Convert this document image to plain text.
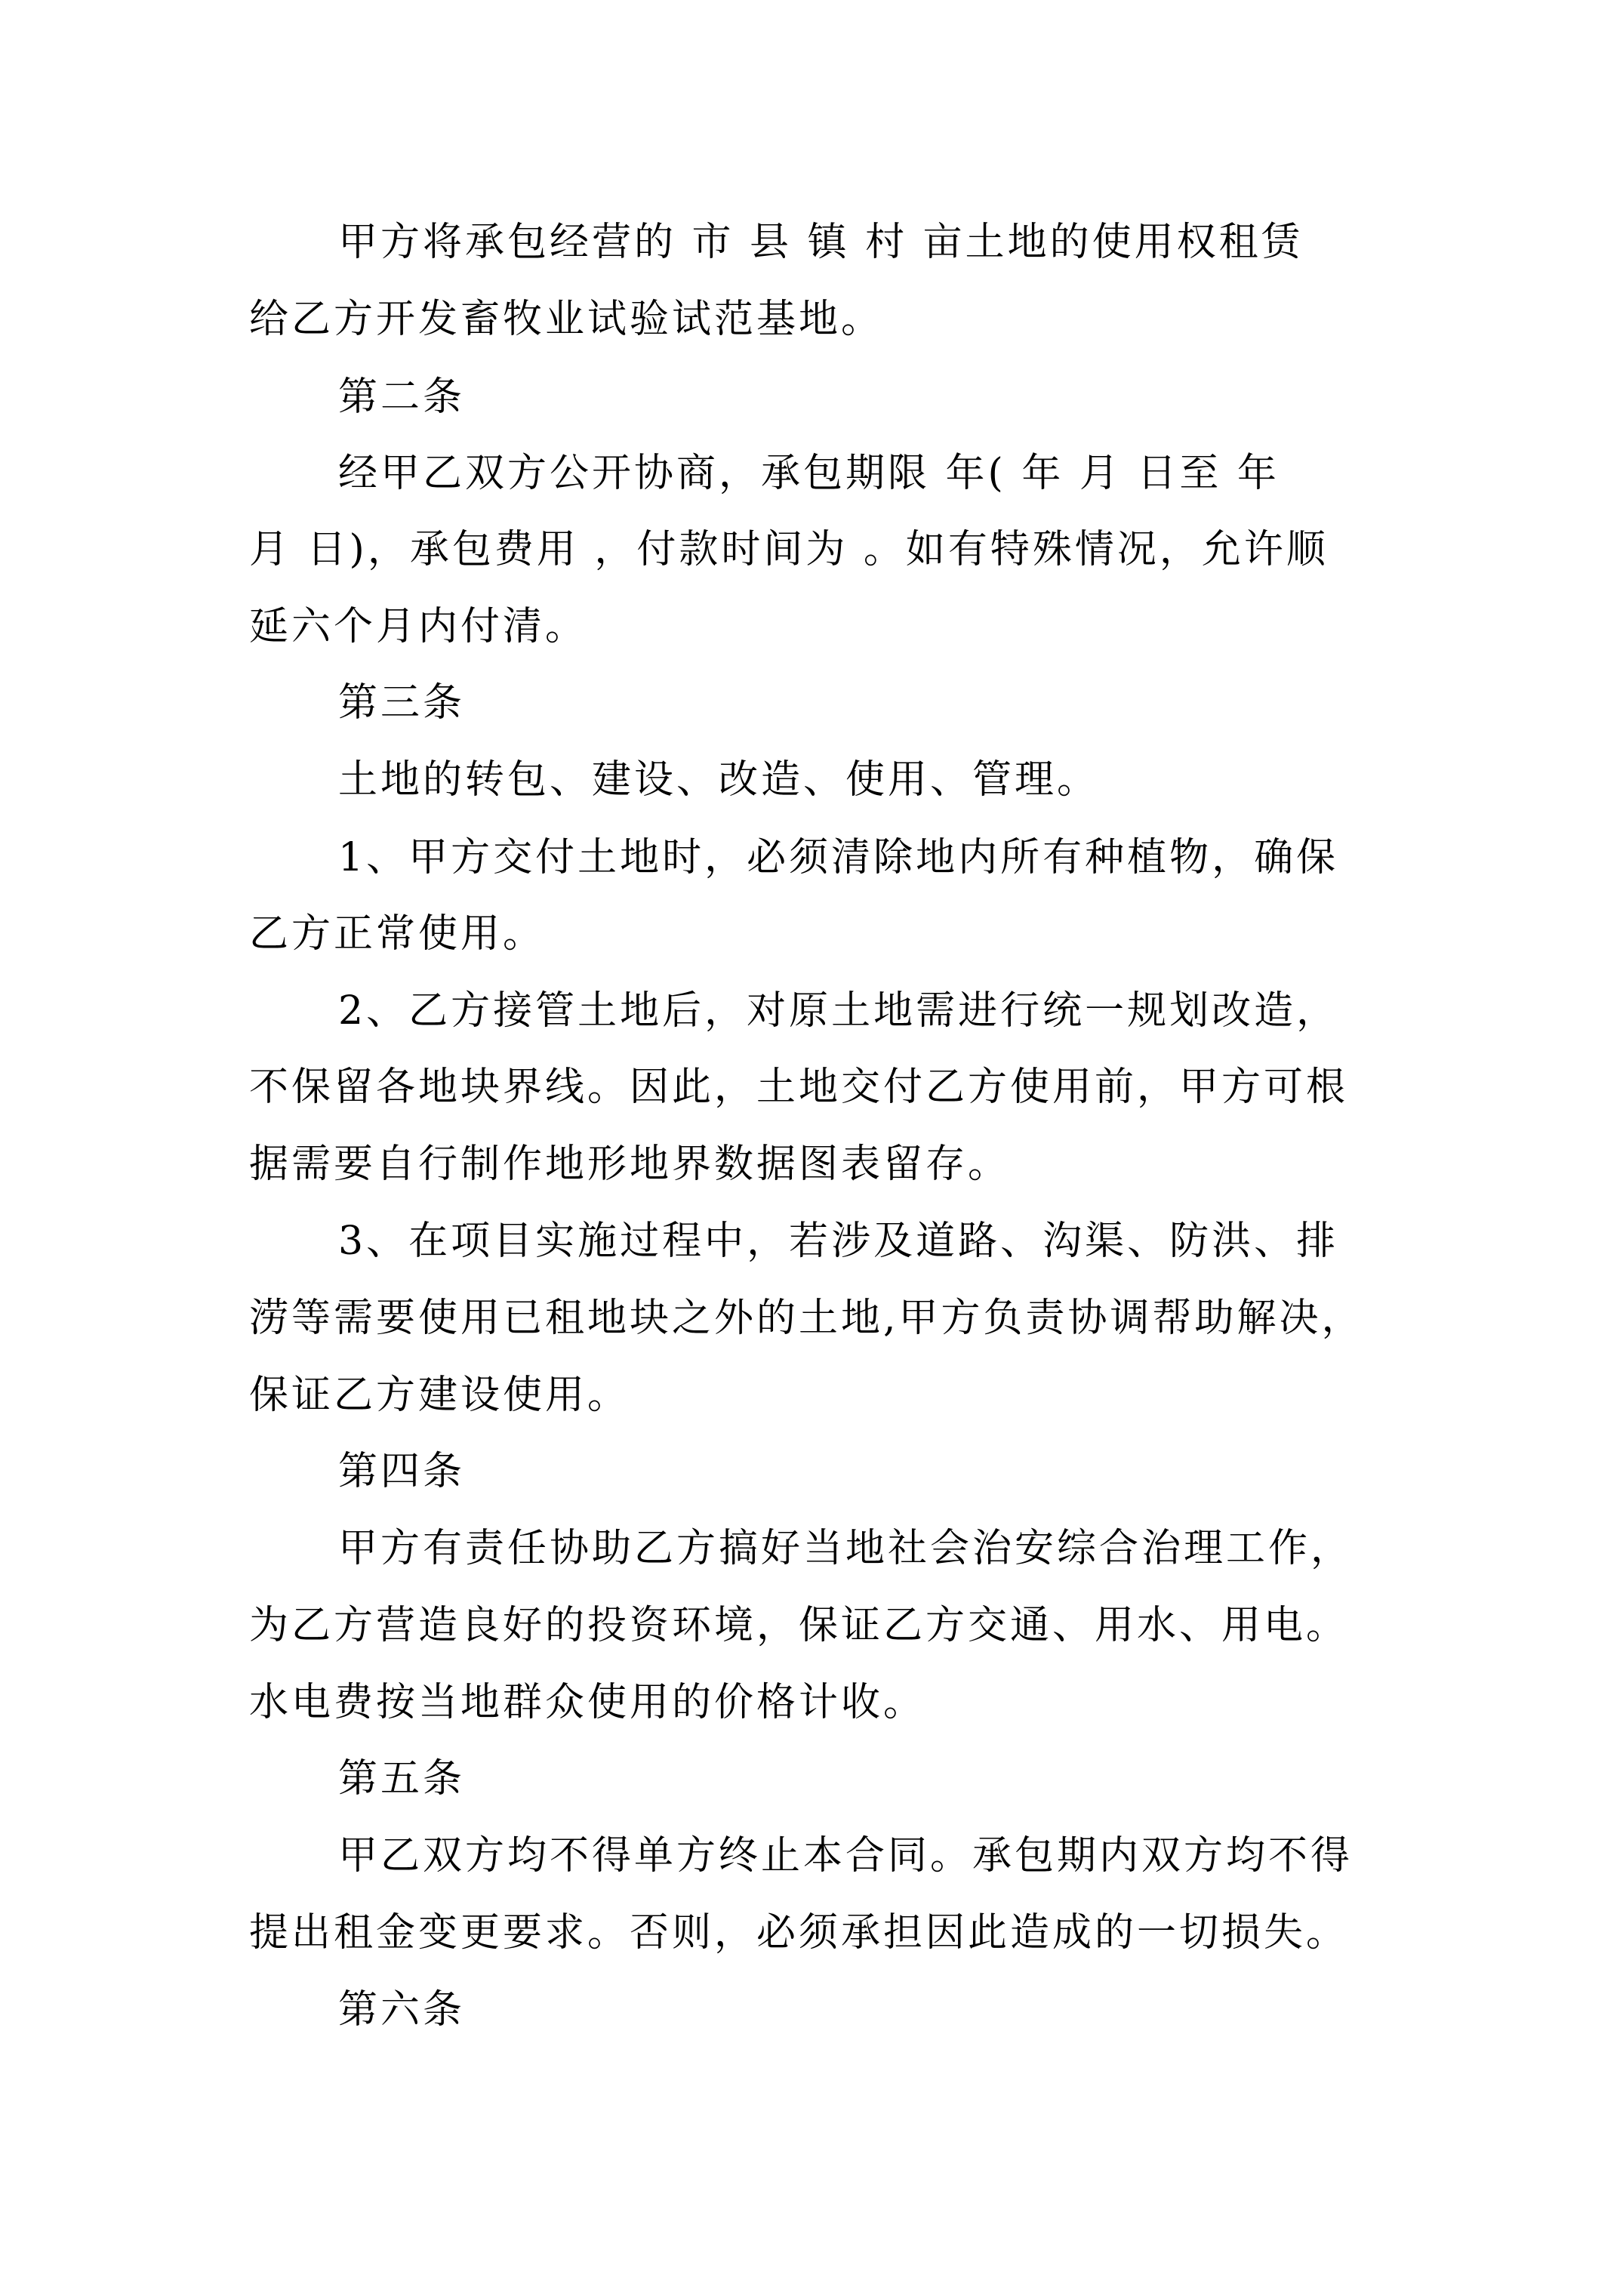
甲方将承包经营的 市 县 镇 村 亩土地的使用权租赁
给乙方开发畜牧业试验试范基地。
第二条
经甲乙双方公开协商，承包期限 年( 年 月 日至 年
月 日)，承包费用 ，付款时间为 。如有特殊情况，允许顺
延六个月内付清。
第三条
土地的转包、建设、改造、使用、管理。
1、甲方交付土地时，必须清除地内所有种植物，确保
乙方正常使用。
2、乙方接管土地后，对原土地需进行统一规划改造，
不保留各地块界线。因此，土地交付乙方使用前，甲方可根
据需要自行制作地形地界数据图表留存。
3、在项目实施过程中，若涉及道路、沟渠、防洪、排
涝等需要使用已租地块之外的土地,甲方负责协调帮助解决，
保证乙方建设使用。
第四条
甲方有责任协助乙方搞好当地社会治安综合治理工作，
为乙方营造良好的投资环境，保证乙方交通、用水、用电。
水电费按当地群众使用的价格计收。
第五条
甲乙双方均不得单方终止本合同。承包期内双方均不得
提出租金变更要求。否则，必须承担因此造成的一切损失。
第六条
